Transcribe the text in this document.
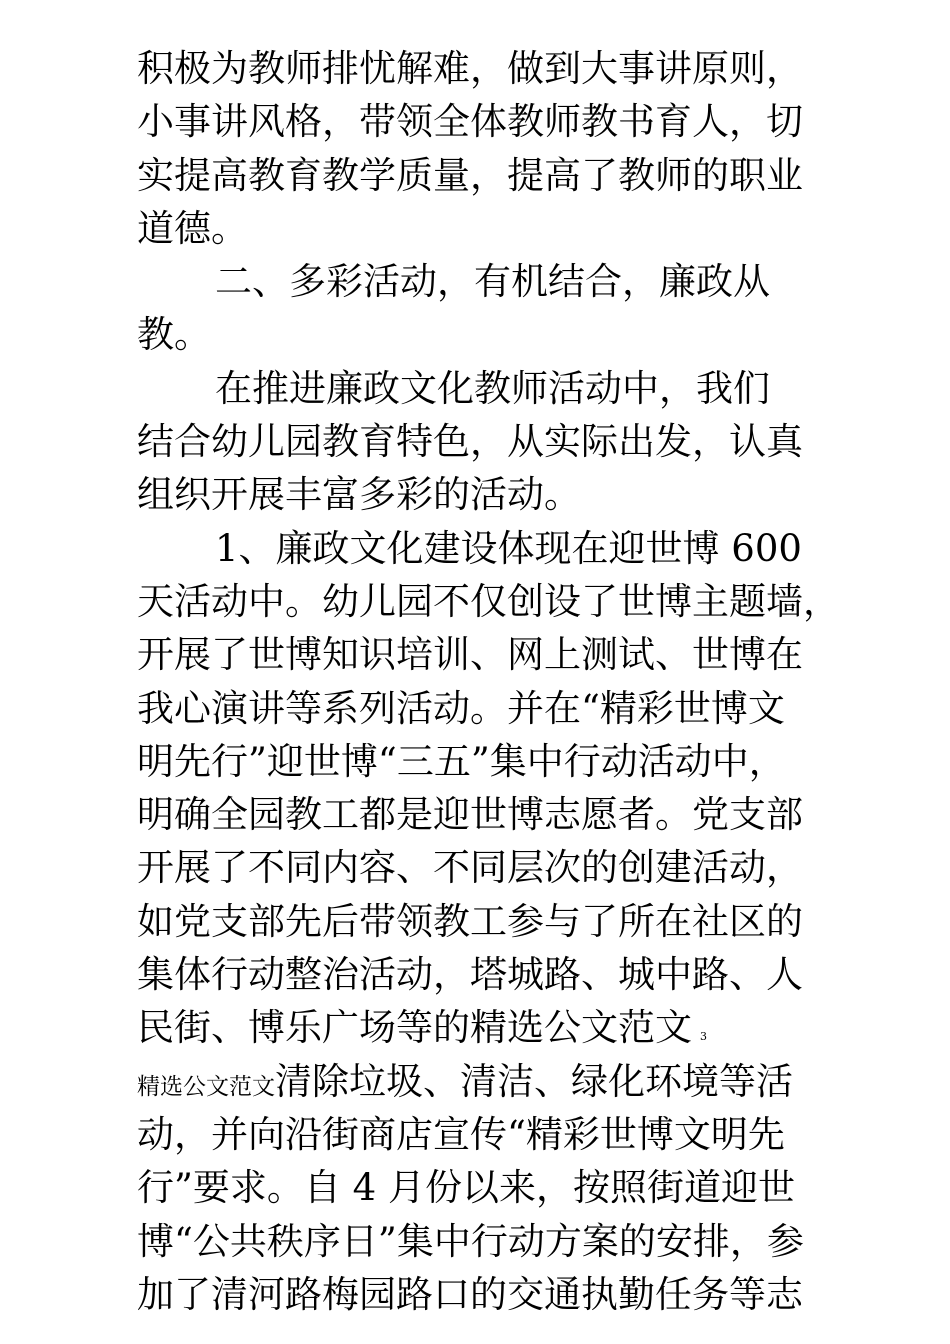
积极为教师排忧解难，做到大事讲原则，
小事讲风格，带领全体教师教书育人，切
实提高教育教学质量，提高了教师的职业
道德。
二、多彩活动，有机结合，廉政从
教。
在推进廉政文化教师活动中，我们
结合幼儿园教育特色，从实际出发，认真
组织开展丰富多彩的活动。
1、廉政文化建设体现在迎世博 600
天活动中。幼儿园不仅创设了世博主题墙，
开展了世博知识培训、网上测试、世博在
我心演讲等系列活动。并在“精彩世博文
明先行”迎世博“三五”集中行动活动中，
明确全园教工都是迎世博志愿者。党支部
开展了不同内容、不同层次的创建活动，
如党支部先后带领教工参与了所在社区的
集体行动整治活动，塔城路、城中路、人
民街、博乐广场等的精选公文范文 3
精选公文范文清除垃圾、清洁、绿化环境等活
动，并向沿街商店宣传“精彩世博文明先
行”要求。自 4 月份以来，按照街道迎世
博“公共秩序日”集中行动方案的安排，参
加了清河路梅园路口的交通执勤任务等志
